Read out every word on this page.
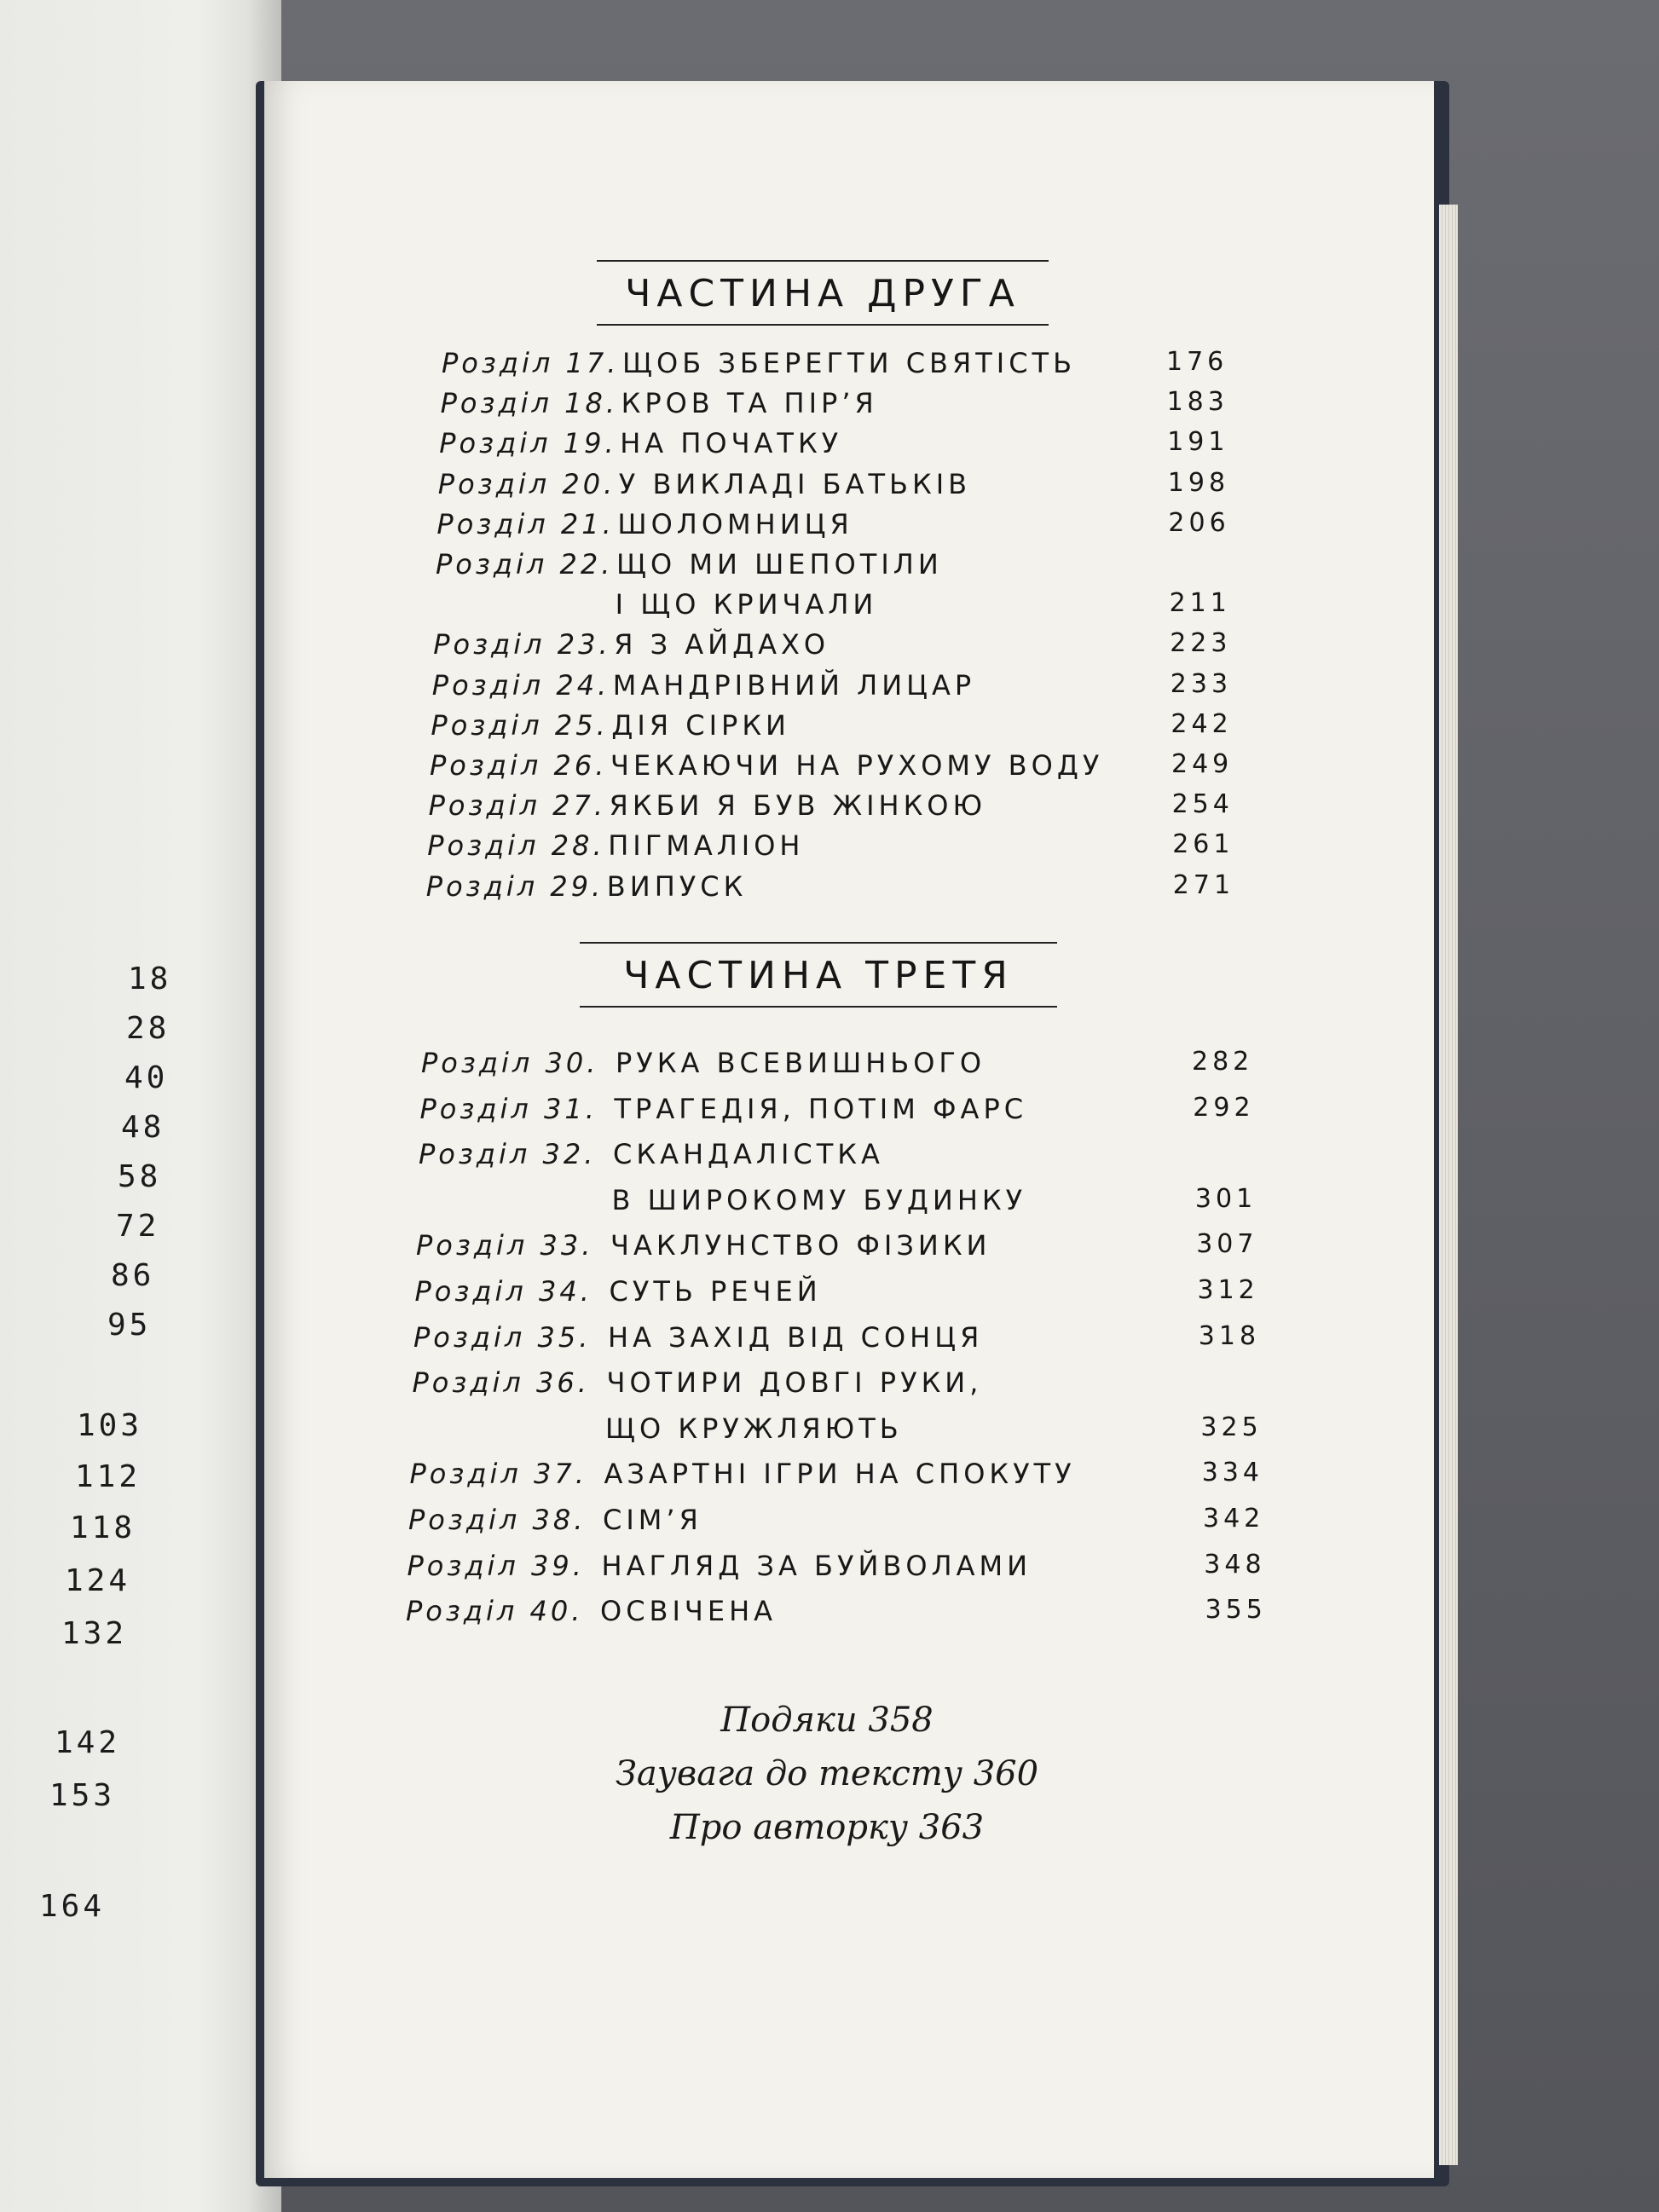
18
28
40
48
58
72
86
95
103
112
118
124
132
142
153
164
ЧАСТИНА ДРУГА
Розділ 17. ЩОБ ЗБЕРЕГТИ СВЯТІСТЬ	176
Розділ 18. КРОВ ТА ПІР’Я	183
Розділ 19. НА ПОЧАТКУ	191
Розділ 20. У ВИКЛАДІ БАТЬКІВ	198
Розділ 21. ШОЛОМНИЦЯ	206
Розділ 22. ЩО МИ ШЕПОТІЛИ
І ЩО КРИЧАЛИ	211
Розділ 23. Я З АЙДАХО	223
Розділ 24. МАНДРІВНИЙ ЛИЦАР	233
Розділ 25. ДІЯ СІРКИ	242
Розділ 26. ЧЕКАЮЧИ НА РУХОМУ ВОДУ	249
Розділ 27. ЯКБИ Я БУВ ЖІНКОЮ	254
Розділ 28. ПІГМАЛІОН	261
Розділ 29. ВИПУСК	271
ЧАСТИНА ТРЕТЯ
Розділ 30. РУКА ВСЕВИШНЬОГО	282
Розділ 31. ТРАГЕДІЯ, ПОТІМ ФАРС	292
Розділ 32. СКАНДАЛІСТКА
В ШИРОКОМУ БУДИНКУ	301
Розділ 33. ЧАКЛУНСТВО ФІЗИКИ	307
Розділ 34. СУТЬ РЕЧЕЙ	312
Розділ 35. НА ЗАХІД ВІД СОНЦЯ	318
Розділ 36. ЧОТИРИ ДОВГІ РУКИ,
ЩО КРУЖЛЯЮТЬ	325
Розділ 37. АЗАРТНІ ІГРИ НА СПОКУТУ	334
Розділ 38. СІМ’Я	342
Розділ 39. НАГЛЯД ЗА БУЙВОЛАМИ	348
Розділ 40. ОСВІЧЕНА	355
Подяки 358
Заувага до тексту 360
Про авторку 363
